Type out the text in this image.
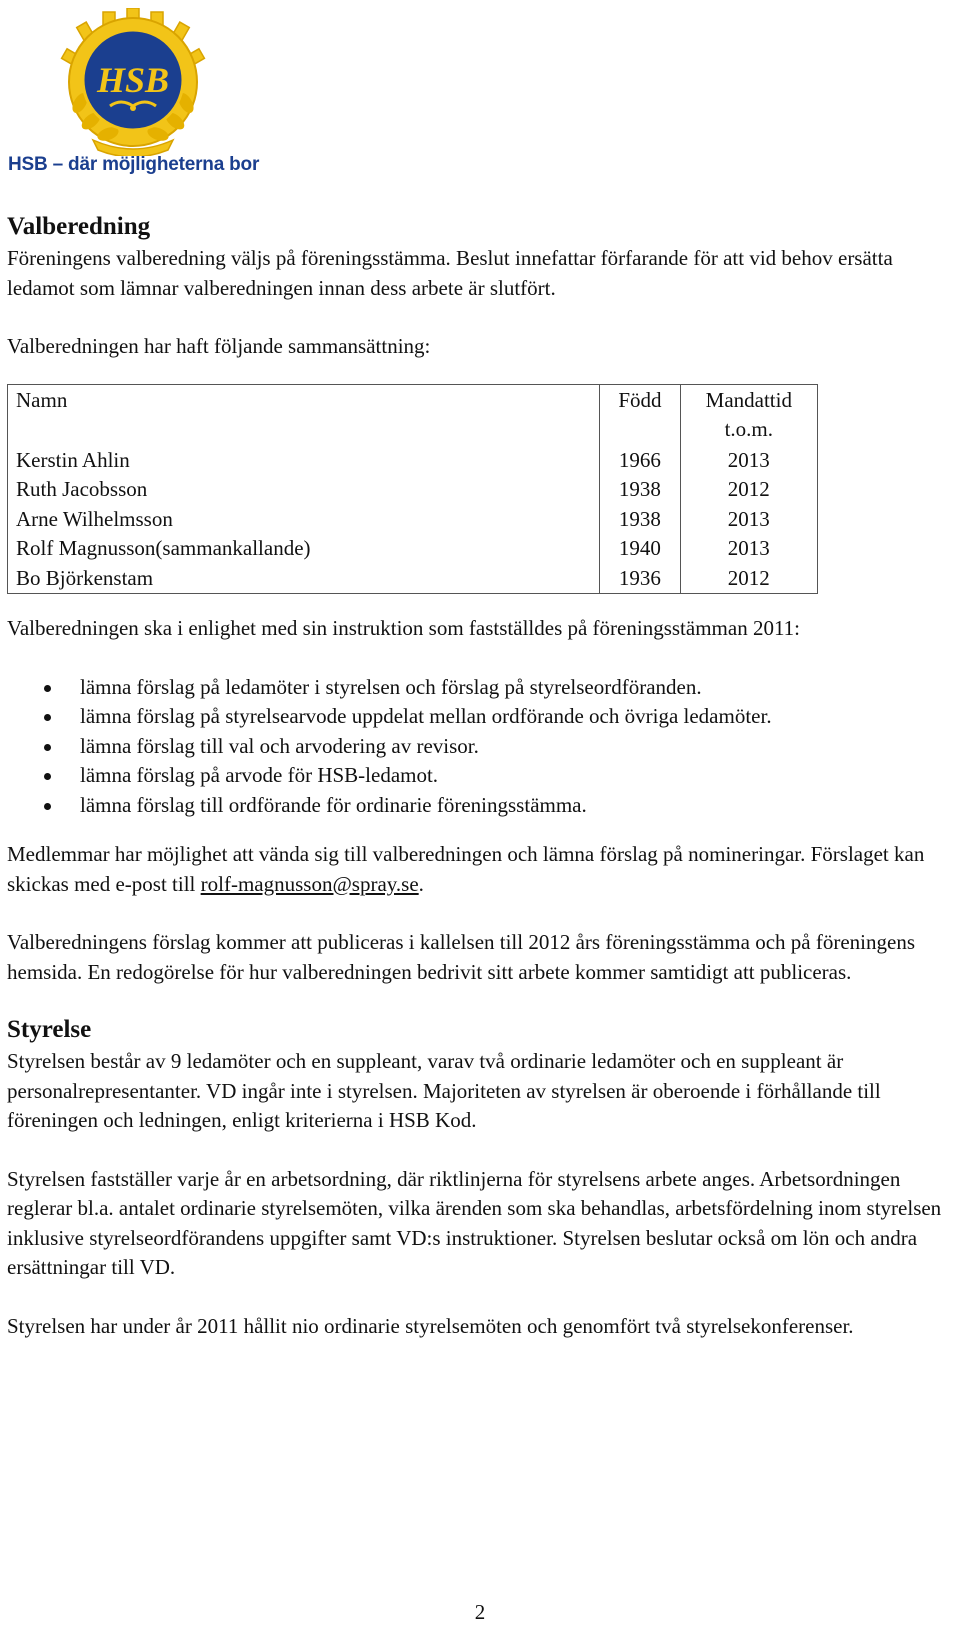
HSB
HSB – där möjligheterna bor
Valberedning

Föreningens valberedning väljs på föreningsstämma. Beslut innefattar förfarande för att vid behov ersätta ledamot som lämnar valberedningen innan dess arbete är slutfört.

Valberedningen har haft följande sammansättning:

Namn	Född	Mandattid
t.o.m.
Kerstin Ahlin	1966	2013
Ruth Jacobsson	1938	2012
Arne Wilhelmsson	1938	2013
Rolf Magnusson(sammankallande)	1940	2013
Bo Björkenstam	1936	2012

Valberedningen ska i enlighet med sin instruktion som fastställdes på föreningsstämman 2011:

lämna förslag på ledamöter i styrelsen och förslag på styrelseordföranden.
lämna förslag på styrelsearvode uppdelat mellan ordförande och övriga ledamöter.
lämna förslag till val och arvodering av revisor.
lämna förslag på arvode för HSB-ledamot.
lämna förslag till ordförande för ordinarie föreningsstämma.

Medlemmar har möjlighet att vända sig till valberedningen och lämna förslag på nomineringar. Förslaget kan skickas med e-post till rolf-magnusson@spray.se.

Valberedningens förslag kommer att publiceras i kallelsen till 2012 års föreningsstämma och på föreningens hemsida. En redogörelse för hur valberedningen bedrivit sitt arbete kommer samtidigt att publiceras.

Styrelse

Styrelsen består av 9 ledamöter och en suppleant, varav två ordinarie ledamöter och en suppleant är personalrepresentanter. VD ingår inte i styrelsen. Majoriteten av styrelsen är oberoende i förhållande till föreningen och ledningen, enligt kriterierna i HSB Kod.

Styrelsen fastställer varje år en arbetsordning, där riktlinjerna för styrelsens arbete anges. Arbetsordningen reglerar bl.a. antalet ordinarie styrelsemöten, vilka ärenden som ska behandlas, arbetsfördelning inom styrelsen inklusive styrelseordförandens uppgifter samt VD:s instruktioner. Styrelsen beslutar också om lön och andra ersättningar till VD.

Styrelsen har under år 2011 hållit nio ordinarie styrelsemöten och genomfört två styrelsekonferenser.

2
